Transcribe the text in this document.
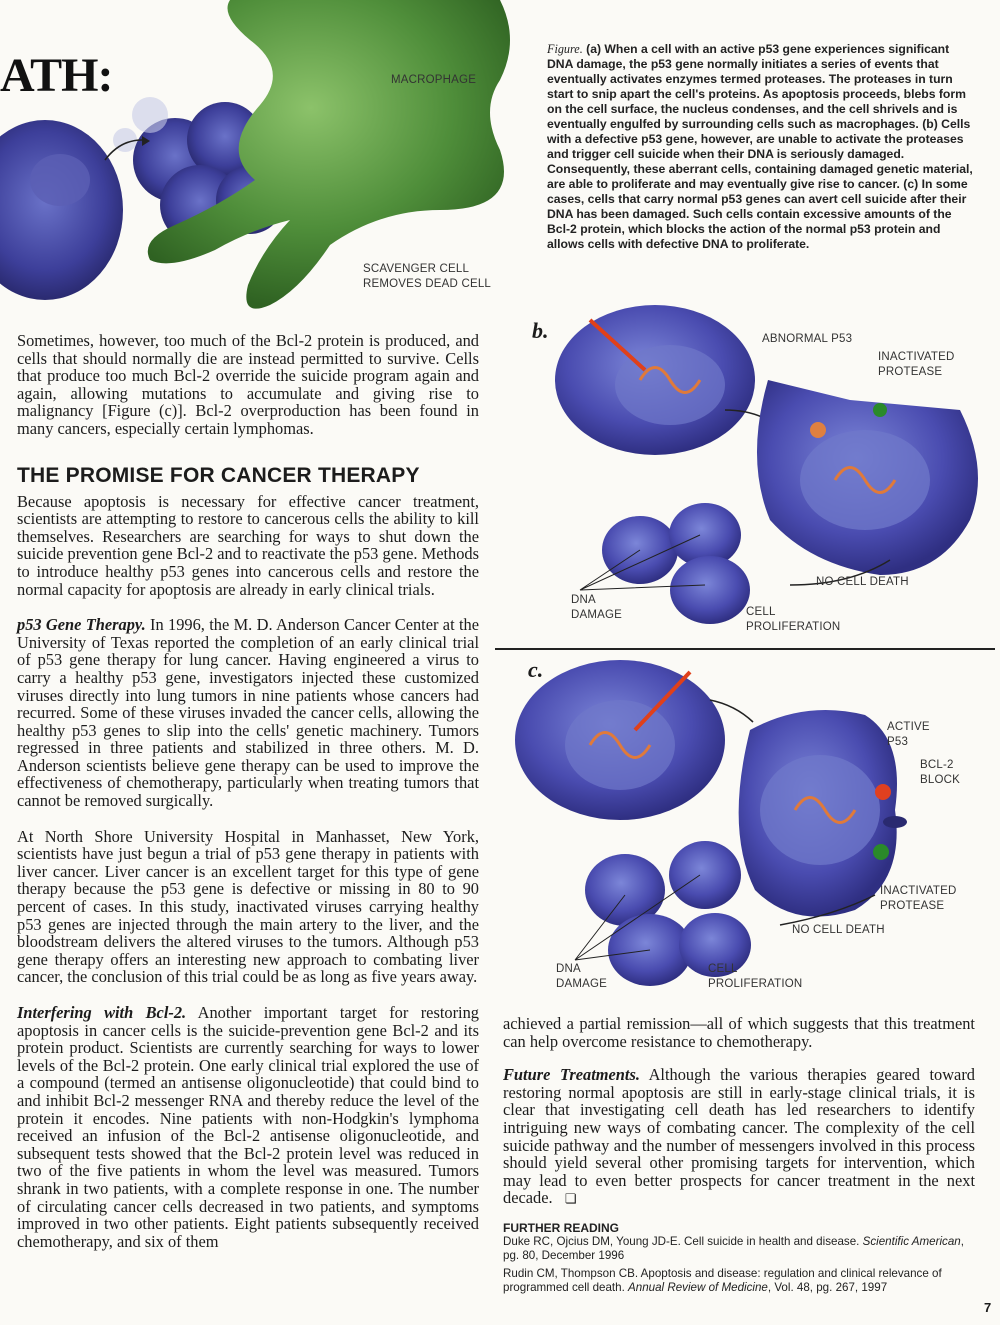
ATH:	MACROPHAGE
SCAVENGER CELL
REMOVES DEAD CELL
Figure. (a) When a cell with an active p53 gene experiences significant DNA damage, the p53 gene normally initiates a series of events that eventually activates enzymes termed proteases. The proteases in turn start to snip apart the cell's proteins. As apoptosis proceeds, blebs form on the cell surface, the nucleus condenses, and the cell shrivels and is eventually engulfed by surrounding cells such as macrophages. (b) Cells with a defective p53 gene, however, are unable to activate the proteases and trigger cell suicide when their DNA is seriously damaged. Consequently, these aberrant cells, containing damaged genetic material, are able to proliferate and may eventually give rise to cancer. (c) In some cases, cells that carry normal p53 genes can avert cell suicide after their DNA has been damaged. Such cells contain excessive amounts of the Bcl-2 protein, which blocks the action of the normal p53 protein and allows cells with defective DNA to proliferate.
b.	ABNORMAL P53
INACTIVATED
PROTEASE
NO CELL DEATH
DNA
DAMAGE	CELL
PROLIFERATION
c.
ACTIVE
P53
BCL-2
BLOCK
INACTIVATED
PROTEASE
NO CELL DEATH
DNA
DAMAGE
CELL
PROLIFERATION

Sometimes, however, too much of the Bcl-2 protein is produced, and cells that should normally die are instead permitted to survive. Cells that produce too much Bcl-2 override the suicide program again and again, allowing mutations to accumulate and giving rise to malignancy [Figure (c)]. Bcl-2 overproduction has been found in many cancers, especially certain lymphomas.

THE PROMISE FOR CANCER THERAPY

Because apoptosis is necessary for effective cancer treatment, scientists are attempting to restore to cancerous cells the ability to kill themselves. Researchers are searching for ways to shut down the suicide prevention gene Bcl-2 and to reactivate the p53 gene. Methods to introduce healthy p53 genes into cancerous cells and restore the normal capacity for apoptosis are already in early clinical trials.

p53 Gene Therapy. In 1996, the M. D. Anderson Cancer Center at the University of Texas reported the completion of an early clinical trial of p53 gene therapy for lung cancer. Having engineered a virus to carry a healthy p53 gene, investigators injected these customized viruses directly into lung tumors in nine patients whose cancers had recurred. Some of these viruses invaded the cancer cells, allowing the healthy p53 genes to slip into the cells' genetic machinery. Tumors regressed in three patients and stabilized in three others. M. D. Anderson scientists believe gene therapy can be used to improve the effectiveness of chemotherapy, particularly when treating tumors that cannot be removed surgically.

At North Shore University Hospital in Manhasset, New York, scientists have just begun a trial of p53 gene therapy in patients with liver cancer. Liver cancer is an excellent target for this type of gene therapy because the p53 gene is defective or missing in 80 to 90 percent of cases. In this study, inactivated viruses carrying healthy p53 genes are injected through the main artery to the liver, and the bloodstream delivers the altered viruses to the tumors. Although p53 gene therapy offers an interesting new approach to combating liver cancer, the conclusion of this trial could be as long as five years away.

Interfering with Bcl-2. Another important target for restoring apoptosis in cancer cells is the suicide-prevention gene Bcl-2 and its protein product. Scientists are currently searching for ways to lower levels of the Bcl-2 protein. One early clinical trial explored the use of a compound (termed an antisense oligonucleotide) that could bind to and inhibit Bcl-2 messenger RNA and thereby reduce the level of the protein it encodes. Nine patients with non-Hodgkin's lymphoma received an infusion of the Bcl-2 antisense oligonucleotide, and subsequent tests showed that the Bcl-2 protein level was reduced in two of the five patients in whom the level was measured. Tumors shrank in two patients, with a complete response in one. The number of circulating cancer cells decreased in two patients, and symptoms improved in two other patients. Eight patients subsequently received chemotherapy, and six of them

achieved a partial remission—all of which suggests that this treatment can help overcome resistance to chemotherapy.

Future Treatments. Although the various therapies geared toward restoring normal apoptosis are still in early-stage clinical trials, it is clear that investigating cell death has led researchers to identify intriguing new ways of combating cancer. The complexity of the cell suicide pathway and the number of messengers involved in this process should yield several other promising targets for intervention, which may lead to even better prospects for cancer treatment in the next decade. ❏

FURTHER READING
Duke RC, Ojcius DM, Young JD-E. Cell suicide in health and disease. Scientific American, pg. 80, December 1996
Rudin CM, Thompson CB. Apoptosis and disease: regulation and clinical relevance of programmed cell death. Annual Review of Medicine, Vol. 48, pg. 267, 1997
7
